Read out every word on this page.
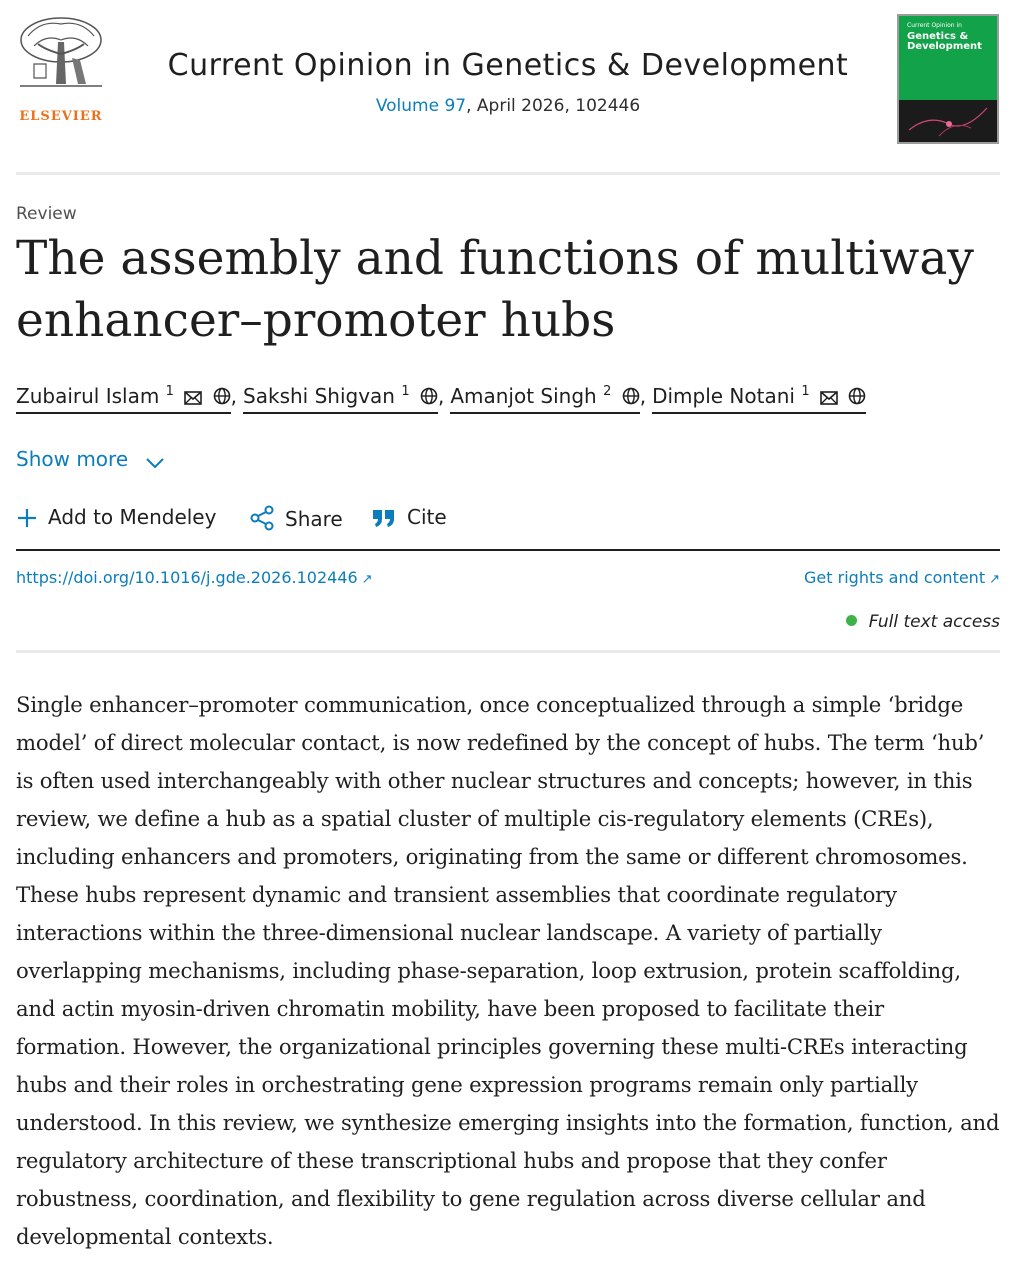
ELSEVIER
Current Opinion in Genetics & Development
Volume 97, April 2026, 102446
Current Opinion in
Genetics & Development
Review
The assembly and functions of multiway enhancer–promoter hubs
Zubairul Islam $^1$	, Sakshi Shigvan $^1$ , Amanjot Singh $^2$ , Dimple Notani $^1$
Show more
Add to Mendeley	Share	Cite
https://doi.org/10.1016/j.gde.2026.102446 ↗	Get rights and content ↗
Full text access

Single enhancer–promoter communication, once conceptualized through a simple ‘bridge model’ of direct molecular contact, is now redefined by the concept of hubs. The term ‘hub’ is often used interchangeably with other nuclear structures and concepts; however, in this review, we define a hub as a spatial cluster of multiple cis-regulatory elements (CREs), including enhancers and promoters, originating from the same or different chromosomes. These hubs represent dynamic and transient assemblies that coordinate regulatory interactions within the three-dimensional nuclear landscape. A variety of partially overlapping mechanisms, including phase-separation, loop extrusion, protein scaffolding, and actin myosin-driven chromatin mobility, have been proposed to facilitate their formation. However, the organizational principles governing these multi-CREs interacting hubs and their roles in orchestrating gene expression programs remain only partially understood. In this review, we synthesize emerging insights into the formation, function, and regulatory architecture of these transcriptional hubs and propose that they confer robustness, coordination, and flexibility to gene regulation across diverse cellular and developmental contexts.
